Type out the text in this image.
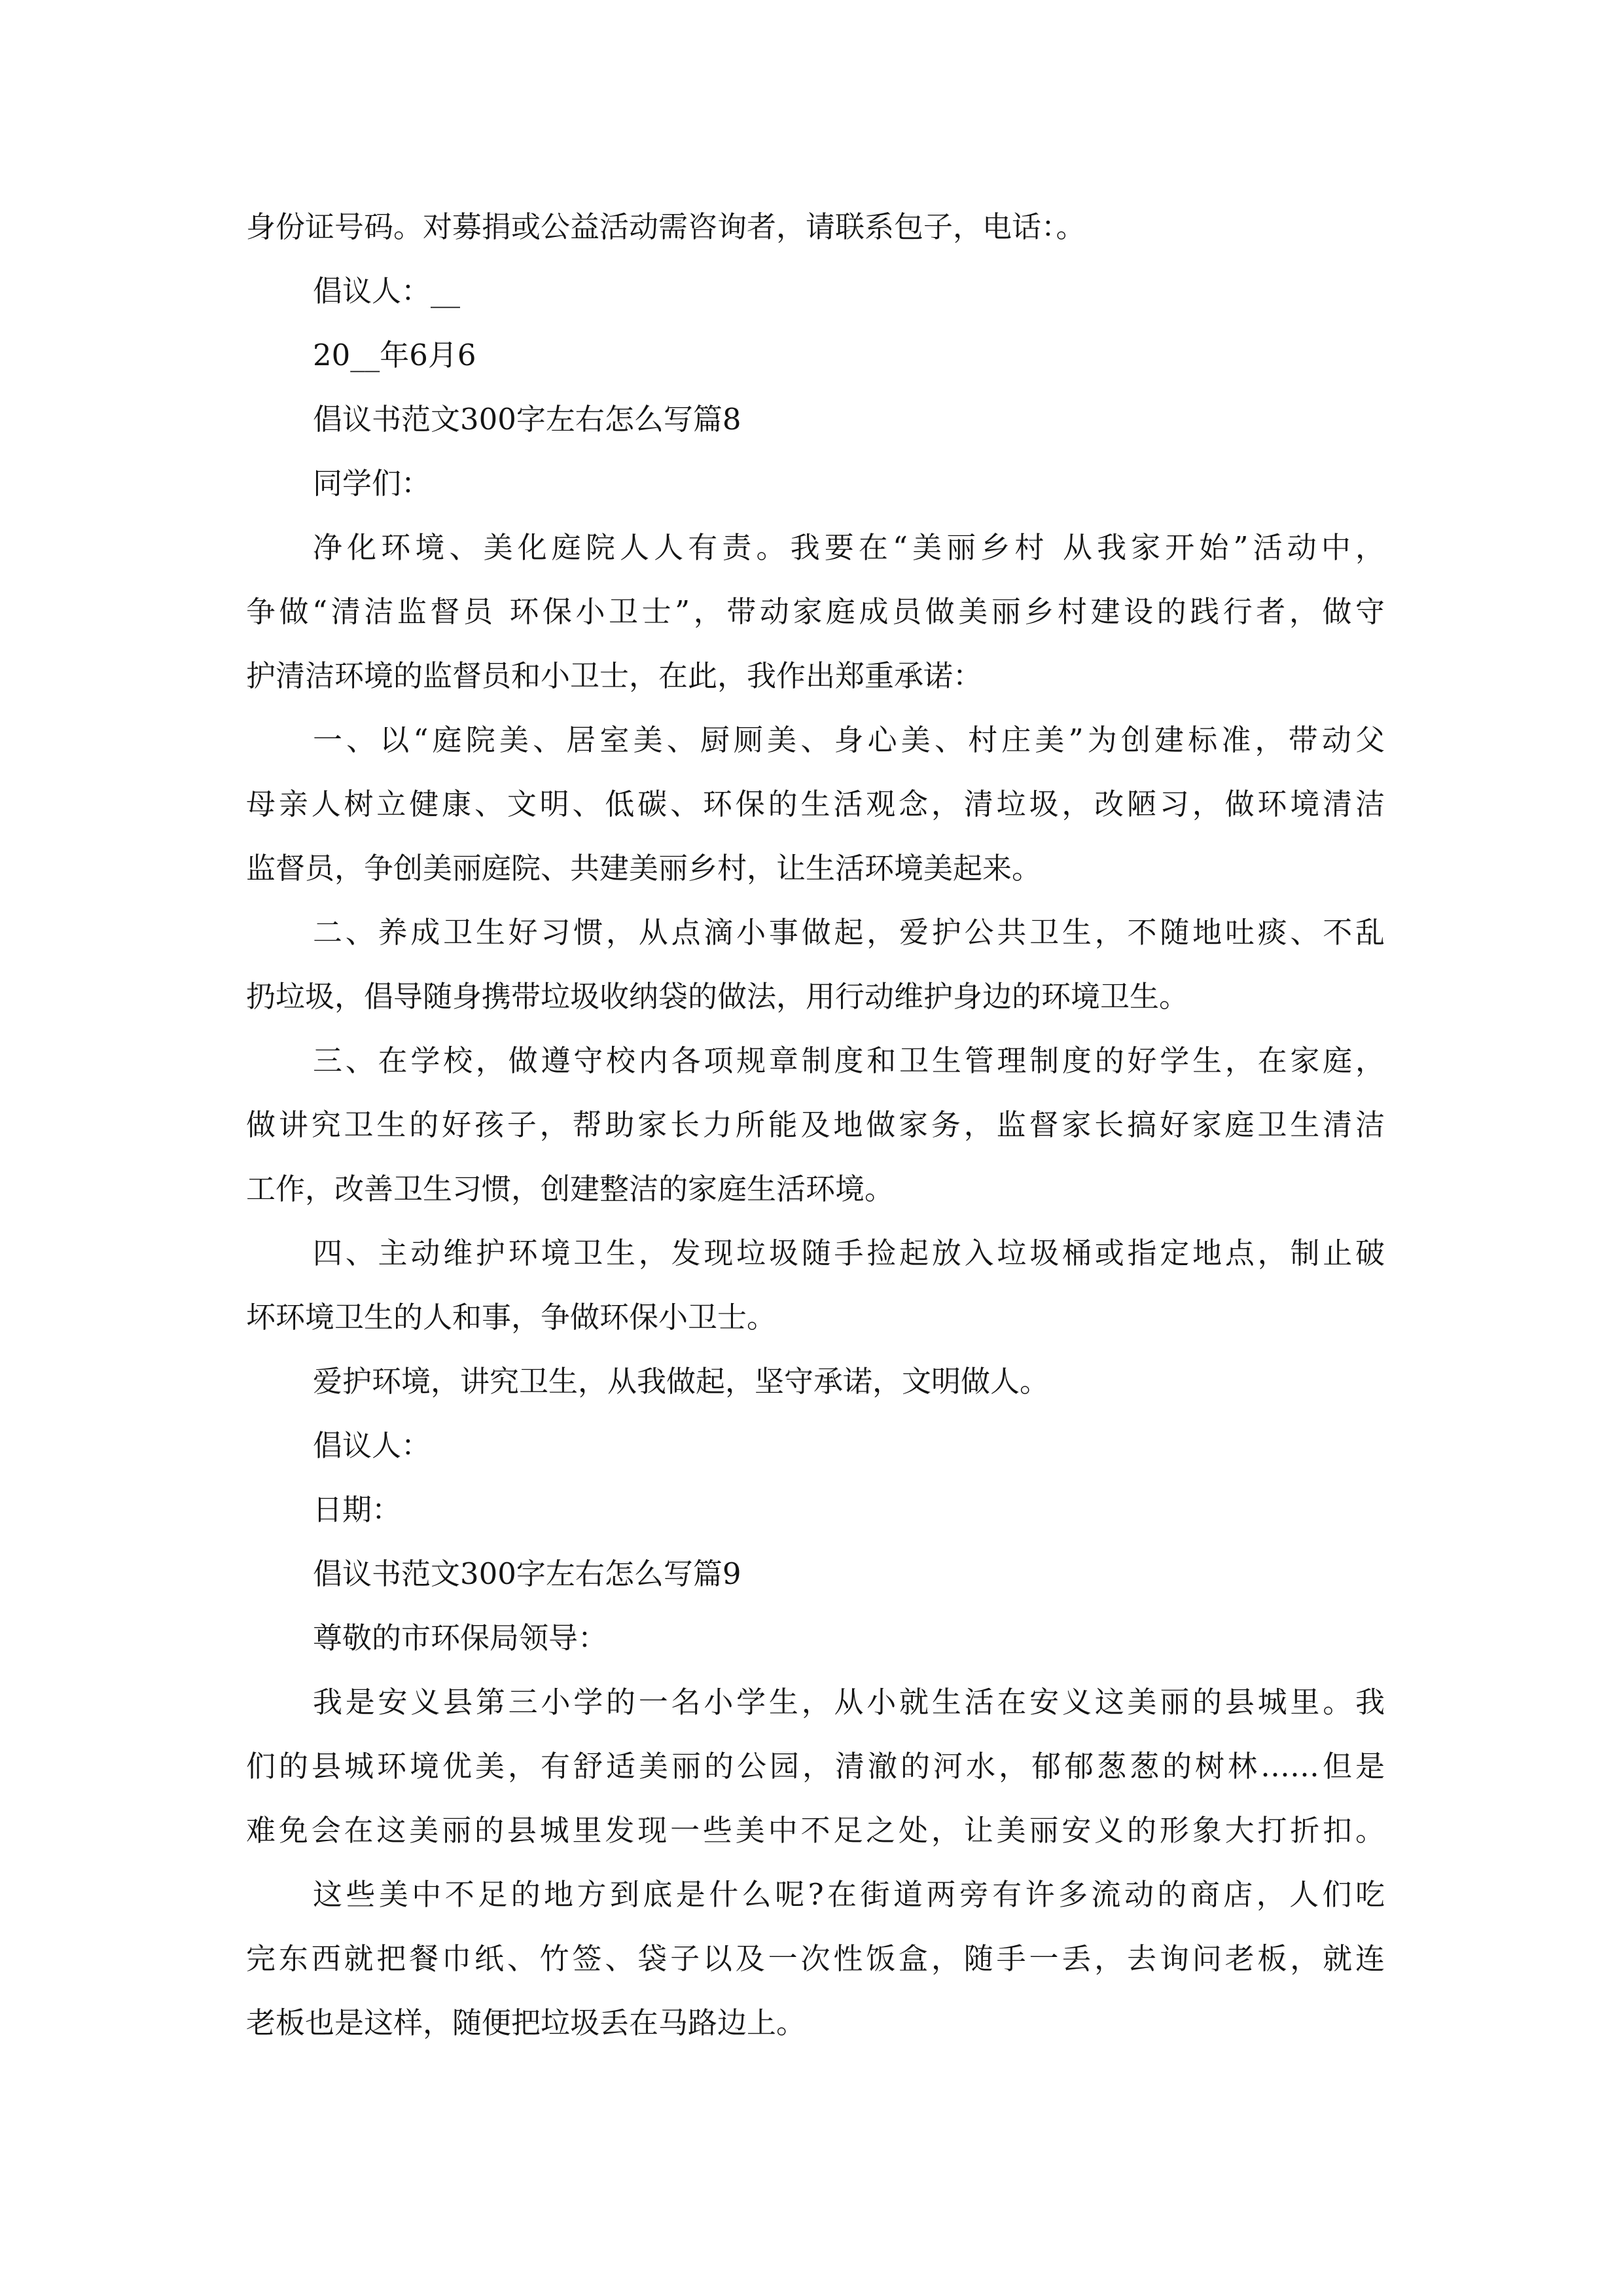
身份证号码。对募捐或公益活动需咨询者，请联系包子，电话：。

倡议人：__

20__年6月6

倡议书范文300字左右怎么写篇8

同学们：

净化环境、美化庭院人人有责。我要在“美丽乡村 从我家开始”活动中，

争做“清洁监督员 环保小卫士”，带动家庭成员做美丽乡村建设的践行者，做守

护清洁环境的监督员和小卫士，在此，我作出郑重承诺：

一、以“庭院美、居室美、厨厕美、身心美、村庄美”为创建标准，带动父

母亲人树立健康、文明、低碳、环保的生活观念，清垃圾，改陋习，做环境清洁

监督员，争创美丽庭院、共建美丽乡村，让生活环境美起来。

二、养成卫生好习惯，从点滴小事做起，爱护公共卫生，不随地吐痰、不乱

扔垃圾，倡导随身携带垃圾收纳袋的做法，用行动维护身边的环境卫生。

三、在学校，做遵守校内各项规章制度和卫生管理制度的好学生，在家庭，

做讲究卫生的好孩子，帮助家长力所能及地做家务，监督家长搞好家庭卫生清洁

工作，改善卫生习惯，创建整洁的家庭生活环境。

四、主动维护环境卫生，发现垃圾随手捡起放入垃圾桶或指定地点，制止破

坏环境卫生的人和事，争做环保小卫士。

爱护环境，讲究卫生，从我做起，坚守承诺，文明做人。

倡议人：

日期：

倡议书范文300字左右怎么写篇9

尊敬的市环保局领导：

我是安义县第三小学的一名小学生，从小就生活在安义这美丽的县城里。我

们的县城环境优美，有舒适美丽的公园，清澈的河水，郁郁葱葱的树林……但是

难免会在这美丽的县城里发现一些美中不足之处，让美丽安义的形象大打折扣。

这些美中不足的地方到底是什么呢?在街道两旁有许多流动的商店，人们吃

完东西就把餐巾纸、竹签、袋子以及一次性饭盒，随手一丢，去询问老板，就连

老板也是这样，随便把垃圾丢在马路边上。
